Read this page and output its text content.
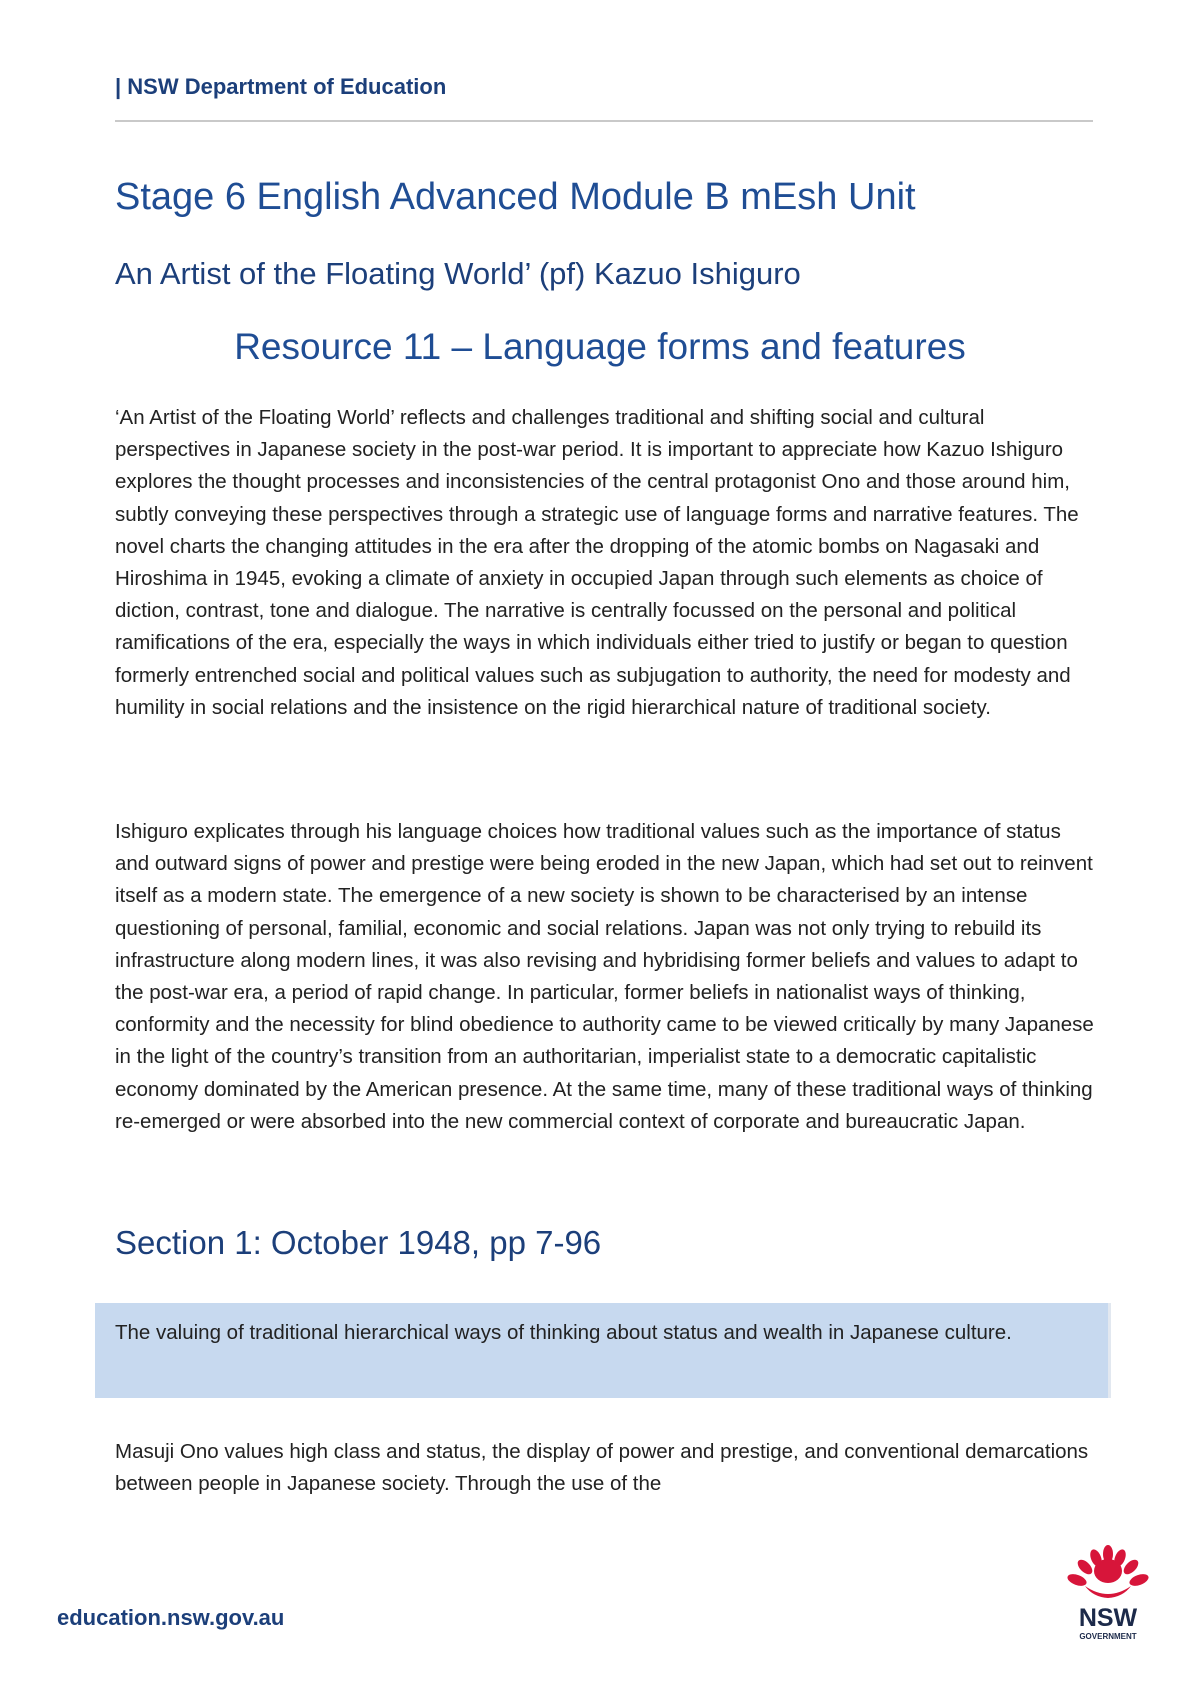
| NSW Department of Education
Stage 6 English Advanced Module B mEsh Unit
An Artist of the Floating World’ (pf) Kazuo Ishiguro
Resource 11 – Language forms and features

‘An Artist of the Floating World’ reflects and challenges traditional and shifting social and cultural perspectives in Japanese society in the post-war period. It is important to appreciate how Kazuo Ishiguro explores the thought processes and inconsistencies of the central protagonist Ono and those around him, subtly conveying these perspectives through a strategic use of language forms and narrative features. The novel charts the changing attitudes in the era after the dropping of the atomic bombs on Nagasaki and Hiroshima in 1945, evoking a climate of anxiety in occupied Japan through such elements as choice of diction, contrast, tone and dialogue. The narrative is centrally focussed on the personal and political ramifications of the era, especially the ways in which individuals either tried to justify or began to question formerly entrenched social and political values such as subjugation to authority, the need for modesty and humility in social relations and the insistence on the rigid hierarchical nature of traditional society.

Ishiguro explicates through his language choices how traditional values such as the importance of status and outward signs of power and prestige were being eroded in the new Japan, which had set out to reinvent itself as a modern state. The emergence of a new society is shown to be characterised by an intense questioning of personal, familial, economic and social relations. Japan was not only trying to rebuild its infrastructure along modern lines, it was also revising and hybridising former beliefs and values to adapt to the post-war era, a period of rapid change. In particular, former beliefs in nationalist ways of thinking, conformity and the necessity for blind obedience to authority came to be viewed critically by many Japanese in the light of the country’s transition from an authoritarian, imperialist state to a democratic capitalistic economy dominated by the American presence. At the same time, many of these traditional ways of thinking re-emerged or were absorbed into the new commercial context of corporate and bureaucratic Japan.

Section 1: October 1948, pp 7-96

The valuing of traditional hierarchical ways of thinking about status and wealth in Japanese culture.

Masuji Ono values high class and status, the display of power and prestige, and conventional demarcations between people in Japanese society. Through the use of the

education.nsw.gov.au	NSW
GOVERNMENT
